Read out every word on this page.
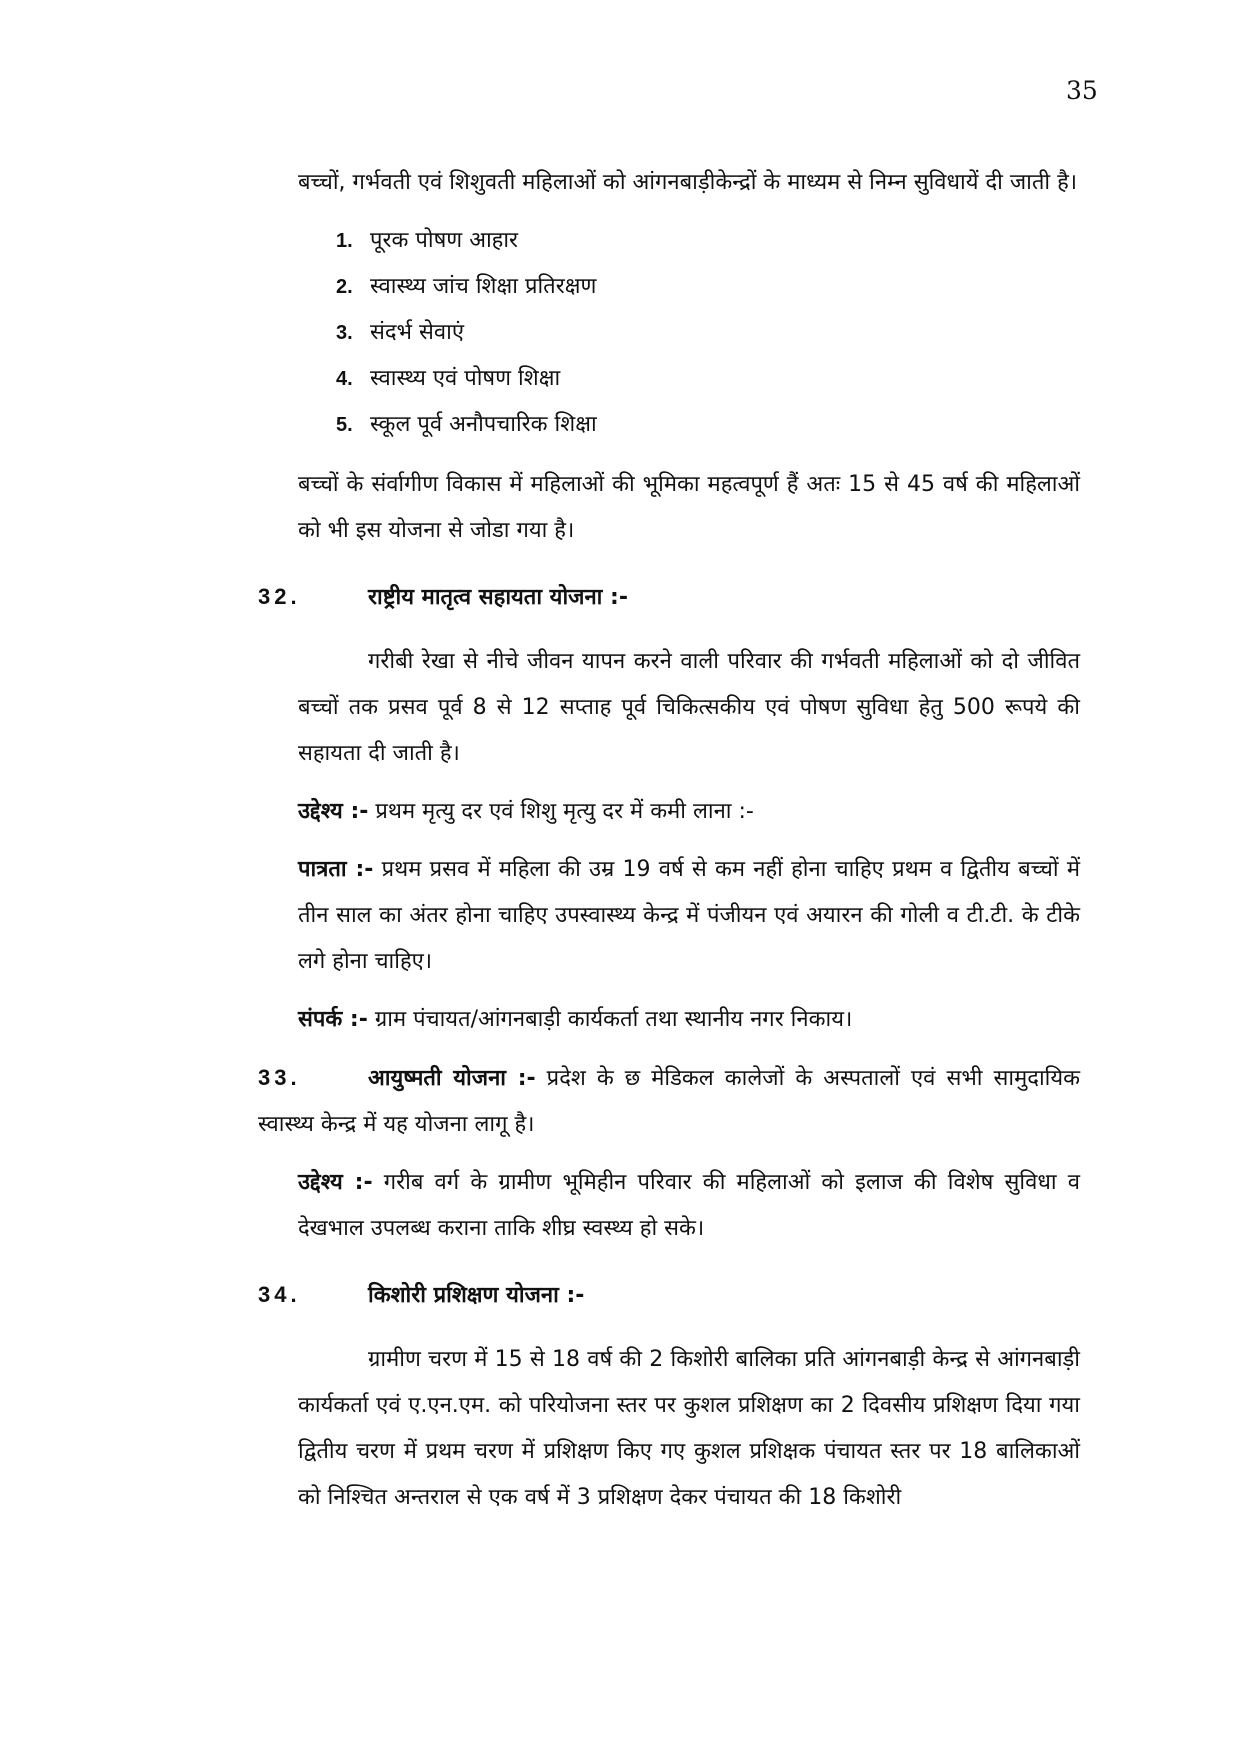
35

बच्चों, गर्भवती एवं शिशुवती महिलाओं को आंगनबाड़ीकेन्द्रों के माध्यम से निम्न सुविधायें दी जाती है।

1. पूरक पोषण आहार
2. स्वास्थ्य जांच शिक्षा प्रतिरक्षण
3. संदर्भ सेवाएं
4. स्वास्थ्य एवं पोषण शिक्षा
5. स्कूल पूर्व अनौपचारिक शिक्षा

बच्चों के संर्वागीण विकास में महिलाओं की भूमिका महत्वपूर्ण हैं अतः 15 से 45 वर्ष की महिलाओं को भी इस योजना से जोडा गया है।

32.	राष्ट्रीय मातृत्व सहायता योजना :-

गरीबी रेखा से नीचे जीवन यापन करने वाली परिवार की गर्भवती महिलाओं को दो जीवित बच्चों तक प्रसव पूर्व 8 से 12 सप्ताह पूर्व चिकित्सकीय एवं पोषण सुविधा हेतु 500 रूपये की सहायता दी जाती है।

उद्देश्य :- प्रथम मृत्यु दर एवं शिशु मृत्यु दर में कमी लाना :-

पात्रता :- प्रथम प्रसव में महिला की उम्र 19 वर्ष से कम नहीं होना चाहिए प्रथम व द्वितीय बच्चों में तीन साल का अंतर होना चाहिए उपस्वास्थ्य केन्द्र में पंजीयन एवं अयारन की गोली व टी.टी. के टीके लगे होना चाहिए।

संपर्क :- ग्राम पंचायत/आंगनबाड़ी कार्यकर्ता तथा स्थानीय नगर निकाय।

33.	आयुष्मती योजना :- प्रदेश के छ मेडिकल कालेजों के अस्पतालों एवं सभी सामुदायिक स्वास्थ्य केन्द्र में यह योजना लागू है।

उद्देश्य :- गरीब वर्ग के ग्रामीण भूमिहीन परिवार की महिलाओं को इलाज की विशेष सुविधा व देखभाल उपलब्ध कराना ताकि शीघ्र स्वस्थ्य हो सके।

34.	किशोरी प्रशिक्षण योजना :-

ग्रामीण चरण में 15 से 18 वर्ष की 2 किशोरी बालिका प्रति आंगनबाड़ी केन्द्र से आंगनबाड़ी कार्यकर्ता एवं ए.एन.एम. को परियोजना स्तर पर कुशल प्रशिक्षण का 2 दिवसीय प्रशिक्षण दिया गया द्वितीय चरण में प्रथम चरण में प्रशिक्षण किए गए कुशल प्रशिक्षक पंचायत स्तर पर 18 बालिकाओं को निश्चित अन्तराल से एक वर्ष में 3 प्रशिक्षण देकर पंचायत की 18 किशोरी
